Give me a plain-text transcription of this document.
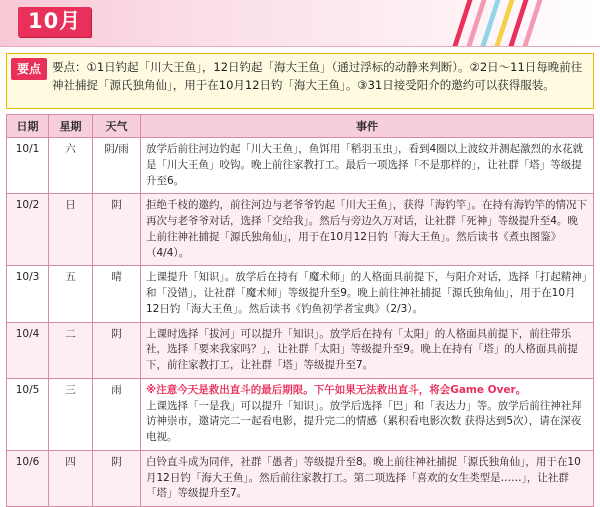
10月
要点 要点：①1日钓起「川大王鱼」，12日钓起「海大王鱼」（通过浮标的动静来判断）。②2日～11日每晚前往神社捕捉「源氏独角仙」，用于在10月12日钓「海大王鱼」。③31日接受阳介的邀约可以获得服装。
日期	星期	天气	事件
10/1	六	阴/雨	放学后前往河边钓起「川大王鱼」，鱼饵用「稻羽玉虫」，看到4圈以上波纹并测起激烈的水花就是「川大王鱼」咬钩。晚上前往家教打工。最后一项选择「不是那样的」，让社群「塔」等级提升至6。

10/2	日	阴	拒绝千枝的邀约，前往河边与老爷爷钓起「川大王鱼」，获得「海钓竿」。在持有海钓竿的情况下再次与老爷爷对话，选择「交给我」。然后与旁边久万对话，让社群「死神」等级提升至4。晚上前往神社捕捉「源氏独角仙」，用于在10月12日钓「海大王鱼」。然后读书《煮虫图鉴》（4/4）。

10/3	五	晴	上课提升「知识」。放学后在持有「魔术师」的人格面具前提下，与阳介对话，选择「打起精神」和「没错」，让社群「魔术师」等级提升至9。晚上前往神社捕捉「源氏独角仙」，用于在10月12日钓「海大王鱼」。然后读书《钓鱼初学者宝典》（2/3）。

10/4	二	阴	上课时选择「拔河」可以提升「知识」。放学后在持有「太阳」的人格面具前提下，前往带乐社，选择「要来我家吗？」，让社群「太阳」等级提升至9。晚上在持有「塔」的人格面具前提下，前往家教打工，让社群「塔」等级提升至7。

10/5	三	雨	※注意今天是救出直斗的最后期限。下午如果无法救出直斗，将会Game Over。
上课选择「一是我」可以提升「知识」。放学后选择「巴」和「表达力」等。放学后前往神社拜访神崇市，邀请完二一起看电影，提升完二的情感（累积看电影次数 获得达到5次），请在深夜电视。

10/6	四	阴	白铃直斗成为同伴，社群「愚者」等级提升至8。晚上前往神社捕捉「源氏独角仙」，用于在10月12日钓「海大王鱼」。然后前往家教打工。第二项选择「喜欢的女生类型是……」，让社群「塔」等级提升至7。
